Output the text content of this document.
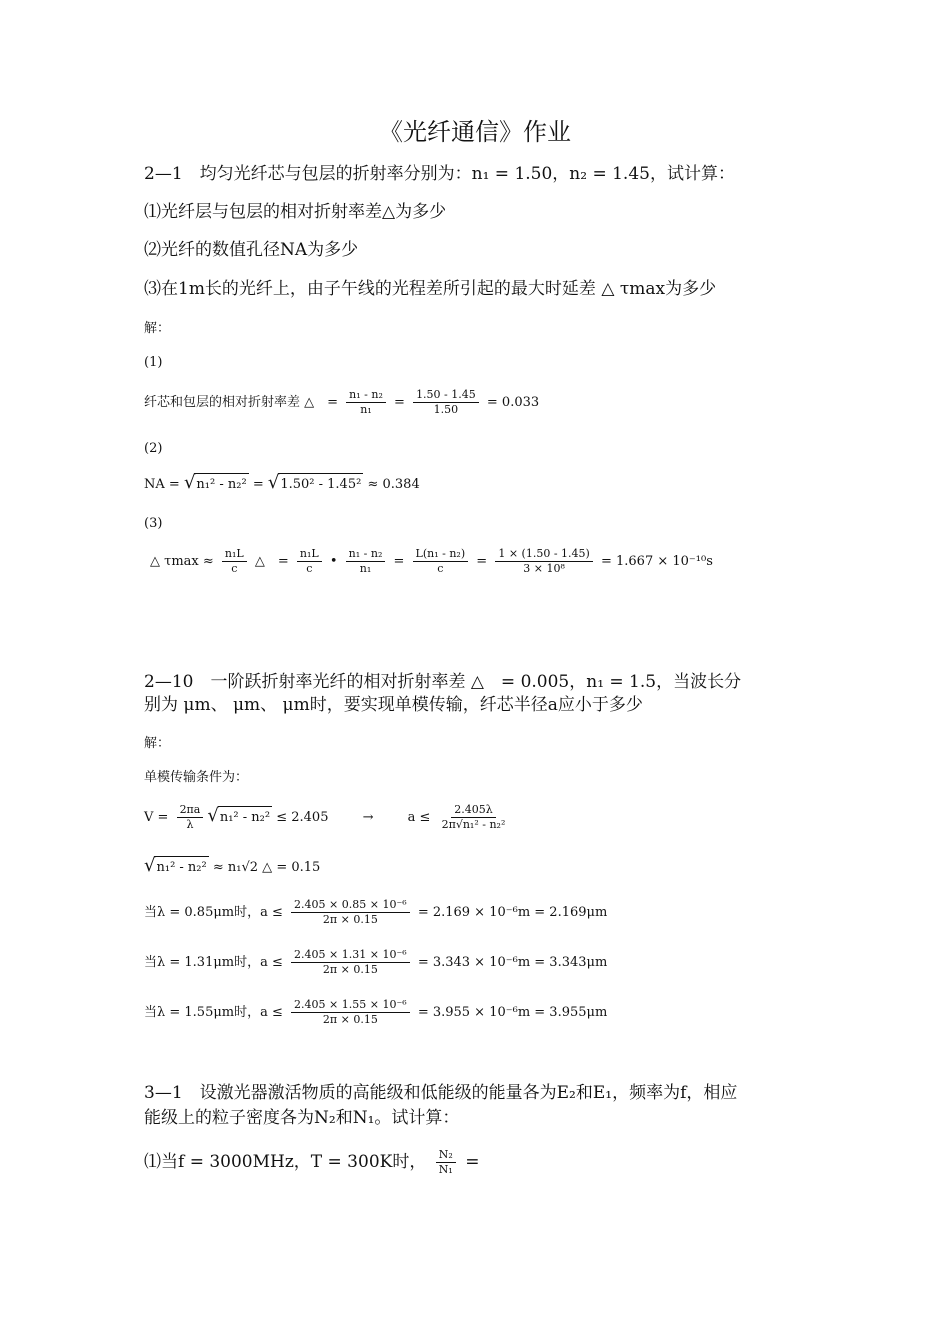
《光纤通信》作业
2—1　均匀光纤芯与包层的折射率分别为：n₁ = 1.50，n₂ = 1.45，试计算：
⑴光纤层与包层的相对折射率差△为多少
⑵光纤的数值孔径NA为多少
⑶在1m长的光纤上，由子午线的光程差所引起的最大时延差 △ τmax为多少
解：
(1)
纤芯和包层的相对折射率差 △　= $\frac{\text{n₁ - n₂}}{\text{n₁}} = \frac{1.50 - 1.45}{1.50} = 0.033$
(2)
NA = √n₁² - n₂² = √1.50² - 1.45² ≈ 0.384
(3)
△ $\tau\max \approx \frac{\text{n₁L}}{c}$ △　= $\frac{\text{n₁L}}{c}$ • $\frac{\text{n₁ - n₂}}{\text{n₁}} = \frac{\text{L(n₁ - n₂)}}{c} = \frac{1 \times (1.50 - 1.45)}{\text{3 × 10⁸}} = 1.667 \times 10^{-10}s$
2—10　一阶跃折射率光纤的相对折射率差 △　= 0.005，n₁ = 1.5，当波长分
别为 μm、 μm、 μm时，要实现单模传输，纤芯半径a应小于多少
解：
单模传输条件为：
$V = \frac{2\pi a}{\lambda} √n_1^2 - n_2^2 \le 2.405$	→	$a \le \frac{2.405\lambda}{\text{2π√n₁² - n₂²}}$
√n₁² - n₂² ≈ n₁√2 △ = 0.15
当λ = 0.85μm时，$a \le \frac{\text{2.405 × 0.85 × 10⁻⁶}}{2\pi \times 0.15} = 2.169 \times 10^{-6}m = 2.169\mu m$
当λ = 1.31μm时，$a \le \frac{\text{2.405 × 1.31 × 10⁻⁶}}{2\pi \times 0.15} = 3.343 \times 10^{-6}m = 3.343\mu m$
当λ = 1.55μm时，$a \le \frac{\text{2.405 × 1.55 × 10⁻⁶}}{2\pi \times 0.15} = 3.955 \times 10^{-6}m = 3.955\mu m$
3—1　设激光器激活物质的高能级和低能级的能量各为E₂和E₁，频率为f，相应
能级上的粒子密度各为N₂和N₁。试计算：
⑴当f = 3000MHz，T = 300K时， $\frac{\text{N₂}}{\text{N₁}}$ =
